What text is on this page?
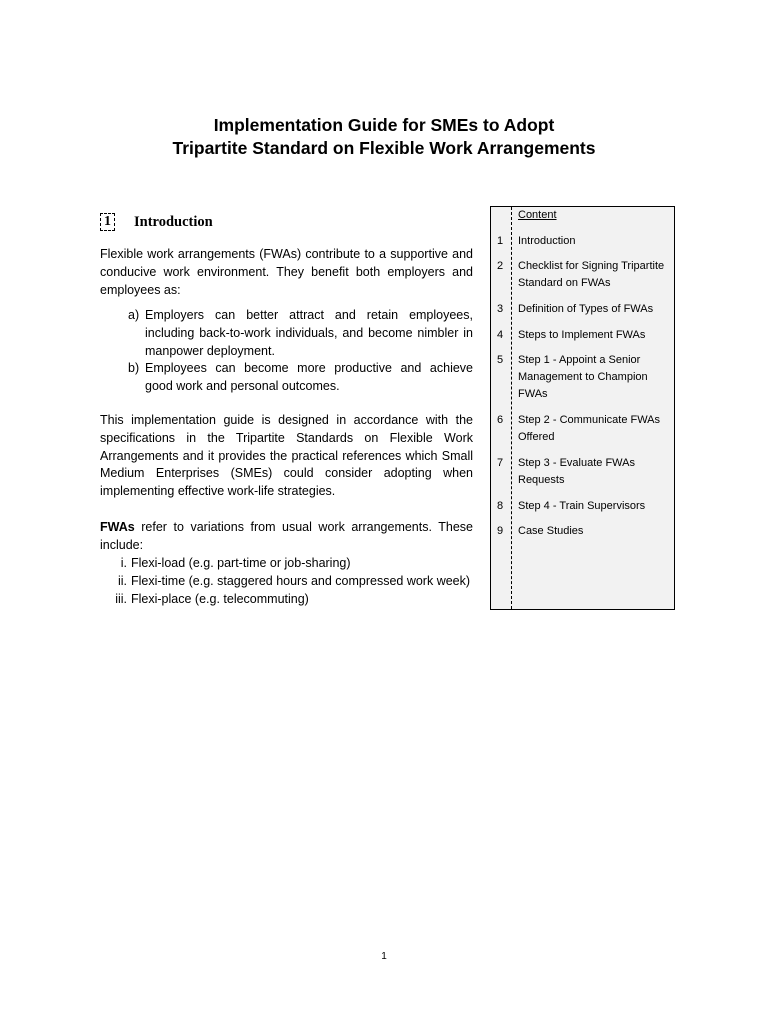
Implementation Guide for SMEs to Adopt
Tripartite Standard on Flexible Work Arrangements
1 Introduction
Flexible work arrangements (FWAs) contribute to a supportive and conducive work environment. They benefit both employers and employees as:
a) Employers can better attract and retain employees, including back-to-work individuals, and become nimbler in manpower deployment.
b) Employees can become more productive and achieve good work and personal outcomes.
This implementation guide is designed in accordance with the specifications in the Tripartite Standards on Flexible Work Arrangements and it provides the practical references which Small Medium Enterprises (SMEs) could consider adopting when implementing effective work-life strategies.
FWAs refer to variations from usual work arrangements. These include:
i. Flexi-load (e.g. part-time or job-sharing)
ii. Flexi-time (e.g. staggered hours and compressed work week)
iii. Flexi-place (e.g. telecommuting)
Content
1	Introduction
2	Checklist for Signing Tripartite Standard on FWAs
3	Definition of Types of FWAs
4	Steps to Implement FWAs
5	Step 1 - Appoint a Senior Management to Champion FWAs
6	Step 2 - Communicate FWAs Offered
7	Step 3 - Evaluate FWAs Requests
8	Step 4 - Train Supervisors
9	Case Studies
1
